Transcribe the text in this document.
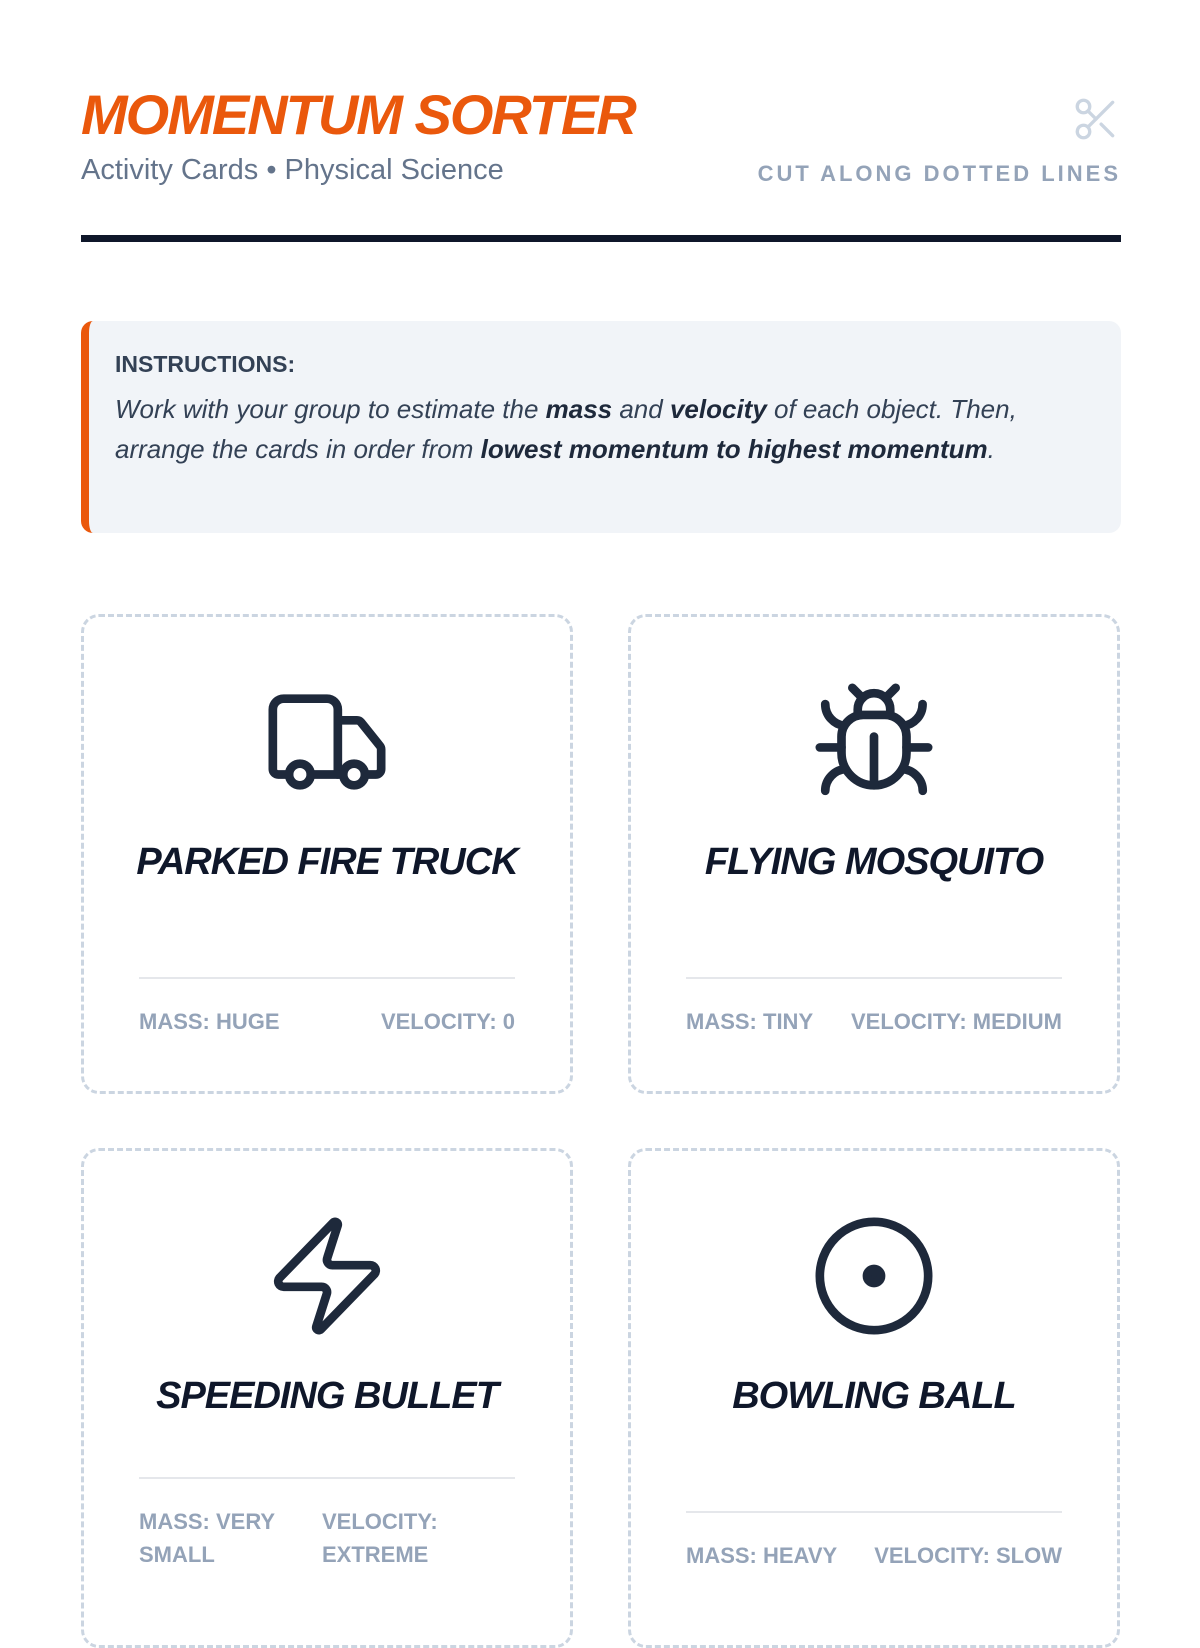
MOMENTUM SORTER
Activity Cards • Physical Science	CUT ALONG DOTTED LINES
INSTRUCTIONS:
Work with your group to estimate the mass and velocity of each object. Then, arrange the cards in order from lowest momentum to highest momentum.
PARKED FIRE TRUCK
MASS: HUGE	VELOCITY: 0
FLYING MOSQUITO
MASS: TINY VELOCITY: MEDIUM
SPEEDING BULLET
MASS: VERY SMALL
VELOCITY: EXTREME
BOWLING BALL
MASS: HEAVY VELOCITY: SLOW
